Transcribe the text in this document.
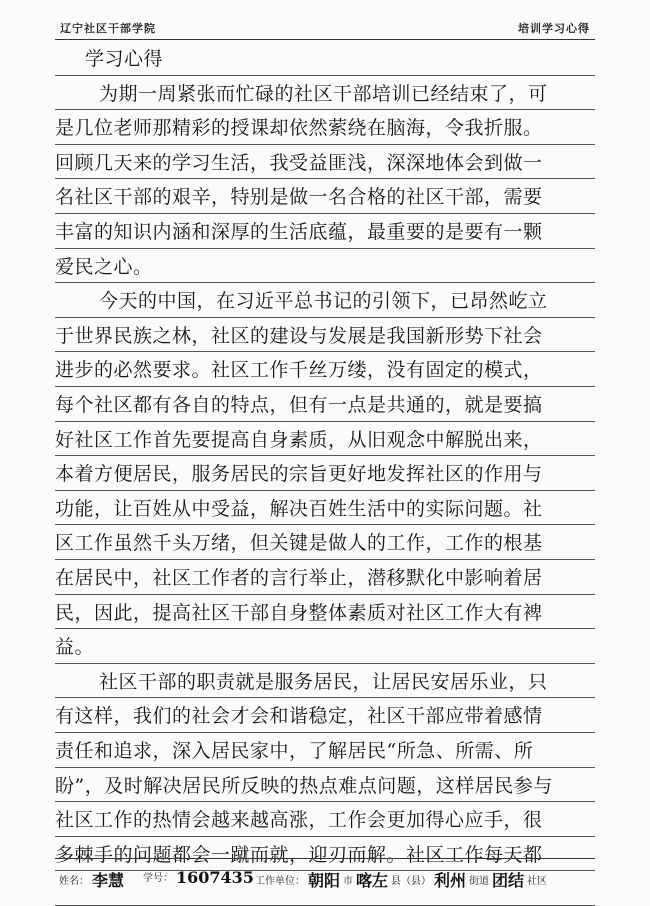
辽宁社区干部学院	培训学习心得
学习心得
为期一周紧张而忙碌的社区干部培训已经结束了，可
是几位老师那精彩的授课却依然萦绕在脑海，令我折服。
回顾几天来的学习生活，我受益匪浅，深深地体会到做一
名社区干部的艰辛，特别是做一名合格的社区干部，需要
丰富的知识内涵和深厚的生活底蕴，最重要的是要有一颗
爱民之心。
今天的中国，在习近平总书记的引领下，已昂然屹立
于世界民族之林，社区的建设与发展是我国新形势下社会
进步的必然要求。社区工作千丝万缕，没有固定的模式，
每个社区都有各自的特点，但有一点是共通的，就是要搞
好社区工作首先要提高自身素质，从旧观念中解脱出来，
本着方便居民，服务居民的宗旨更好地发挥社区的作用与
功能，让百姓从中受益，解决百姓生活中的实际问题。社
区工作虽然千头万绪，但关键是做人的工作，工作的根基
在居民中，社区工作者的言行举止，潜移默化中影响着居
民，因此，提高社区干部自身整体素质对社区工作大有裨
益。
社区干部的职责就是服务居民，让居民安居乐业，只
有这样，我们的社会才会和谐稳定，社区干部应带着感情
责任和追求，深入居民家中，了解居民“所急、所需、所
盼”，及时解决居民所反映的热点难点问题，这样居民参与
社区工作的热情会越来越高涨，工作会更加得心应手，很
多棘手的问题都会一蹴而就，迎刃而解。社区工作每天都
姓名： 李慧	学号： 1607435 工作单位： 朝阳 市 喀左 县（县） 利州 街道 团结 社区
